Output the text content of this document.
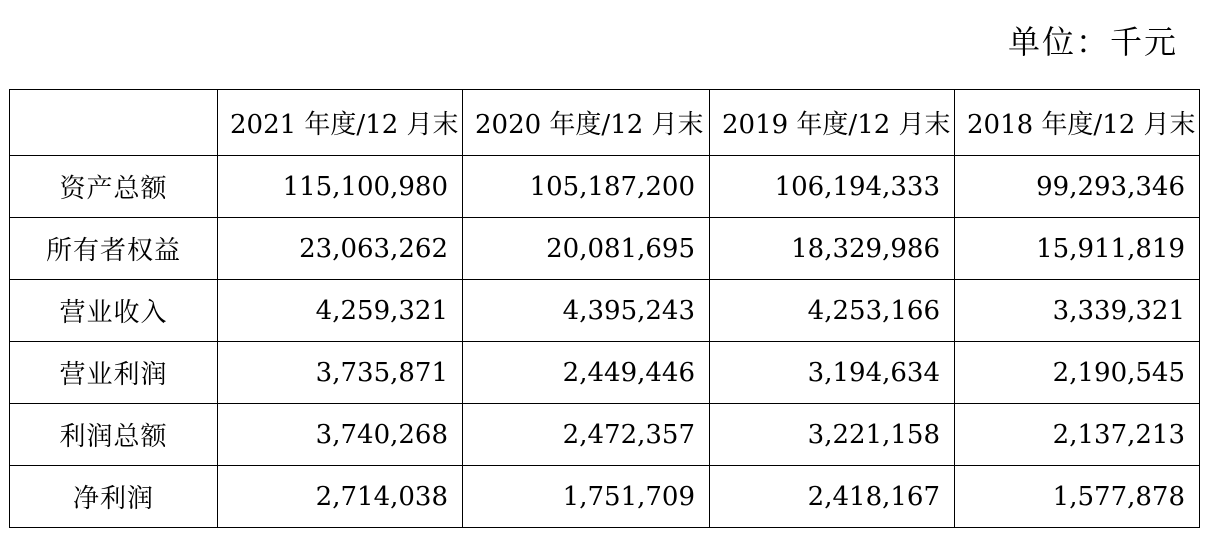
单位：千元
	2021 年度/12 月末	2020 年度/12 月末	2019 年度/12 月末	2018 年度/12 月末
资产总额	115,100,980	105,187,200	106,194,333	99,293,346
所有者权益	23,063,262	20,081,695	18,329,986	15,911,819
营业收入	4,259,321	4,395,243	4,253,166	3,339,321
营业利润	3,735,871	2,449,446	3,194,634	2,190,545
利润总额	3,740,268	2,472,357	3,221,158	2,137,213
净利润	2,714,038	1,751,709	2,418,167	1,577,878
